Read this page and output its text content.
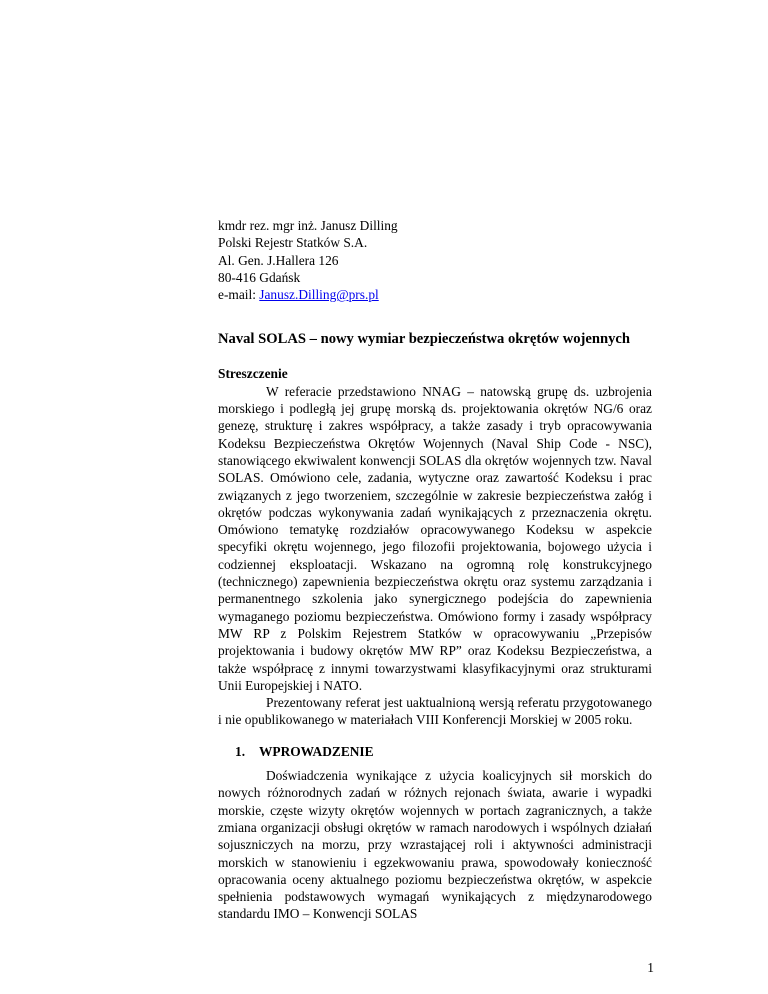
kmdr rez. mgr inż. Janusz Dilling
Polski Rejestr Statków S.A.
Al. Gen. J.Hallera 126
80-416 Gdańsk
e-mail: Janusz.Dilling@prs.pl
Naval SOLAS – nowy wymiar bezpieczeństwa okrętów wojennych
Streszczenie

W referacie przedstawiono NNAG – natowską grupę ds. uzbrojenia morskiego i podległą jej grupę morską ds. projektowania okrętów NG/6 oraz genezę, strukturę i zakres współpracy, a także zasady i tryb opracowywania Kodeksu Bezpieczeństwa Okrętów Wojennych (Naval Ship Code - NSC), stanowiącego ekwiwalent konwencji SOLAS dla okrętów wojennych tzw. Naval SOLAS. Omówiono cele, zadania, wytyczne oraz zawartość Kodeksu i prac związanych z jego tworzeniem, szczególnie w zakresie bezpieczeństwa załóg i okrętów podczas wykonywania zadań wynikających z przeznaczenia okrętu. Omówiono tematykę rozdziałów opracowywanego Kodeksu w aspekcie specyfiki okrętu wojennego, jego filozofii projektowania, bojowego użycia i codziennej eksploatacji. Wskazano na ogromną rolę konstrukcyjnego (technicznego) zapewnienia bezpieczeństwa okrętu oraz systemu zarządzania i permanentnego szkolenia jako synergicznego podejścia do zapewnienia wymaganego poziomu bezpieczeństwa. Omówiono formy i zasady współpracy MW RP z Polskim Rejestrem Statków w opracowywaniu „Przepisów projektowania i budowy okrętów MW RP” oraz Kodeksu Bezpieczeństwa, a także współpracę z innymi towarzystwami klasyfikacyjnymi oraz strukturami Unii Europejskiej i NATO.

Prezentowany referat jest uaktualnioną wersją referatu przygotowanego i nie opublikowanego w materiałach VIII Konferencji Morskiej w 2005 roku.

1. WPROWADZENIE

Doświadczenia wynikające z użycia koalicyjnych sił morskich do nowych różnorodnych zadań w różnych rejonach świata, awarie i wypadki morskie, częste wizyty okrętów wojennych w portach zagranicznych, a także zmiana organizacji obsługi okrętów w ramach narodowych i wspólnych działań sojuszniczych na morzu, przy wzrastającej roli i aktywności administracji morskich w stanowieniu i egzekwowaniu prawa, spowodowały konieczność opracowania oceny aktualnego poziomu bezpieczeństwa okrętów, w aspekcie spełnienia podstawowych wymagań wynikających z międzynarodowego standardu IMO – Konwencji SOLAS

1
